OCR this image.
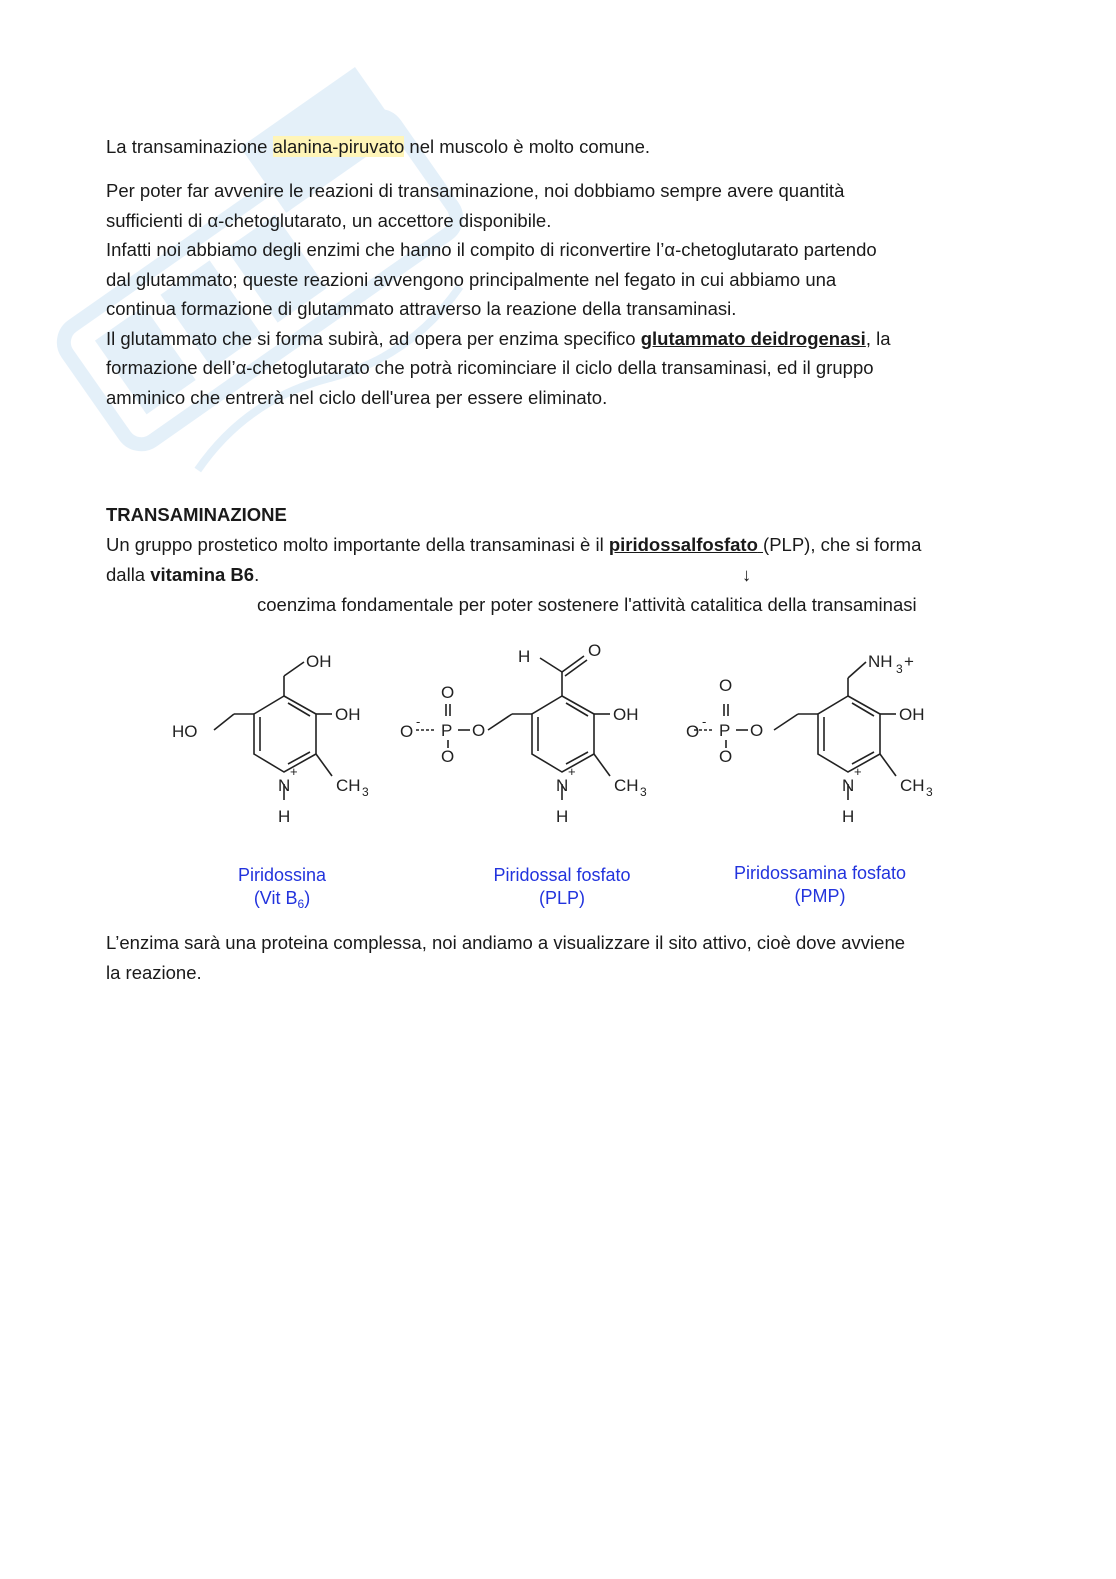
La transaminazione alanina-piruvato nel muscolo è molto comune.

Per poter far avvenire le reazioni di transaminazione, noi dobbiamo sempre avere quantità
sufficienti di α-chetoglutarato, un accettore disponibile.
Infatti noi abbiamo degli enzimi che hanno il compito di riconvertire l’α-chetoglutarato partendo
dal glutammato; queste reazioni avvengono principalmente nel fegato in cui abbiamo una
continua formazione di glutammato attraverso la reazione della transaminasi.
Il glutammato che si forma subirà, ad opera per enzima specifico glutammato deidrogenasi, la
formazione dell’α-chetoglutarato che potrà ricominciare il ciclo della transaminasi, ed il gruppo
amminico che entrerà nel ciclo dell'urea per essere eliminato.
TRANSAMINAZIONE
Un gruppo prostetico molto importante della transaminasi è il piridossalfosfato (PLP), che si forma
dalla vitamina B6.	↓
coenzima fondamentale per poter sostenere l'attività catalitica della transaminasi
L’enzima sarà una proteina complessa, noi andiamo a visualizzare il sito attivo, cioè dove avviene
la reazione.
OH
OH
HO
N
+
H
CH 3
H	O
OH
N
+
H
CH 3
O
P
O
O
O
-
NH 3 +
OH
N
+
H
CH 3
O
P
O
O
O
-
Piridossina
(Vit $B_6$)
Piridossal fosfato
(PLP)
Piridossamina fosfato
(PMP)
